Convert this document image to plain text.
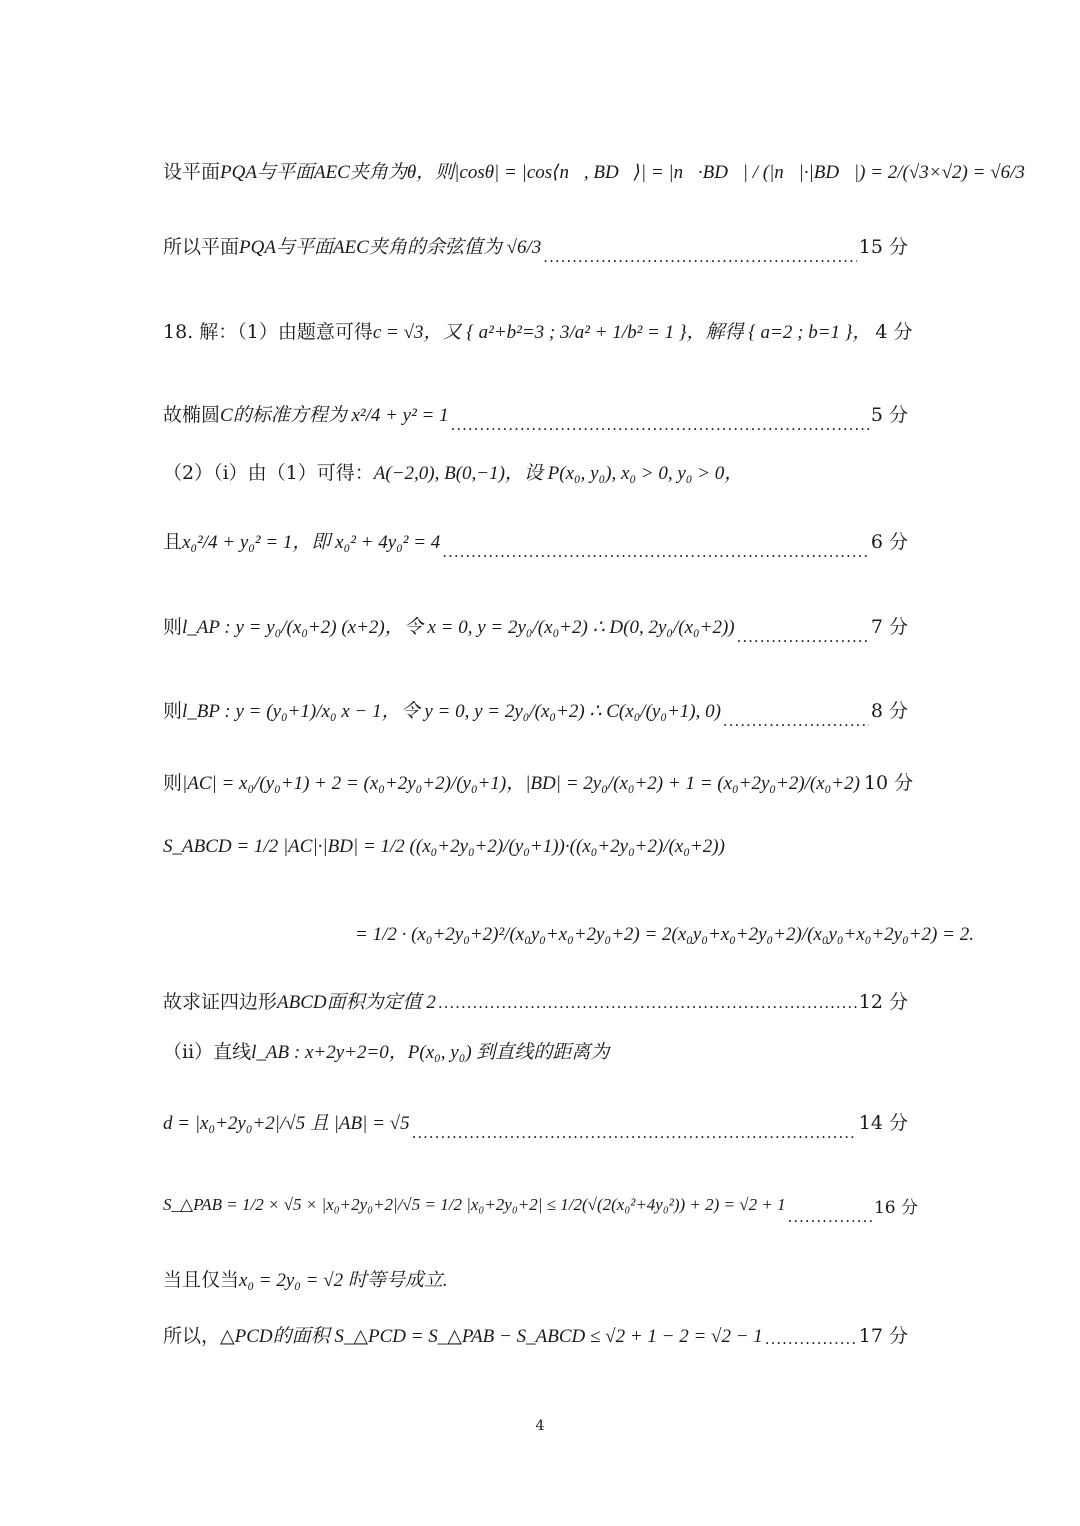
设平面 PQA与平面AEC夹角为θ，则|cosθ| = |cos⟨n⃗, BD⃗⟩| = |n⃗·BD⃗| / (|n⃗|·|BD⃗|) = 2/(√3×√2) = √6/3，
所以平面 PQA与平面AEC夹角的余弦值为 √6/3 .....	15 分
18. 解：（1）由题意可得 c = √3，又 { a²+b²=3 ; 3/a² + 1/b² = 1 }，解得 { a=2 ; b=1 }， 4 分
故椭圆 C的标准方程为 x²/4 + y² = 1 .....	5 分
（2）（i）由（1）可得： A(−2,0), B(0,−1)，设 P(x₀, y₀), x₀ > 0, y₀ > 0，
且 x₀²/4 + y₀² = 1，即 x₀² + 4y₀² = 4 .....	6 分
则 l_AP : y = y₀/(x₀+2) (x+2)，令 x = 0, y = 2y₀/(x₀+2) ∴ D(0, 2y₀/(x₀+2)) .....	7 分
则 l_BP : y = (y₀+1)/x₀ x − 1，令 y = 0, y = 2y₀/(x₀+2) ∴ C(x₀/(y₀+1), 0) .....	8 分
则 |AC| = x₀/(y₀+1) + 2 = (x₀+2y₀+2)/(y₀+1)，|BD| = 2y₀/(x₀+2) + 1 = (x₀+2y₀+2)/(x₀+2) 10 分
S_ABCD = 1/2 |AC|·|BD| = 1/2 ((x₀+2y₀+2)/(y₀+1))·((x₀+2y₀+2)/(x₀+2))
= 1/2 · (x₀+2y₀+2)²/(x₀y₀+x₀+2y₀+2) = 2(x₀y₀+x₀+2y₀+2)/(x₀y₀+x₀+2y₀+2) = 2.
故求证四边形 ABCD面积为定值 2 .....	12 分
（ii）直线 l_AB : x+2y+2=0，P(x₀, y₀) 到直线的距离为
d = |x₀+2y₀+2|/√5 且 |AB| = √5 .....	14 分
S_△PAB = 1/2 × √5 × |x₀+2y₀+2|/√5 = 1/2 |x₀+2y₀+2| ≤ 1/2(√(2(x₀²+4y₀²)) + 2) = √2 + 1 .....	16 分
当且仅当 x₀ = 2y₀ = √2 时等号成立.
所以， △PCD的面积 S_△PCD = S_△PAB − S_ABCD ≤ √2 + 1 − 2 = √2 − 1 .....	17 分
4
